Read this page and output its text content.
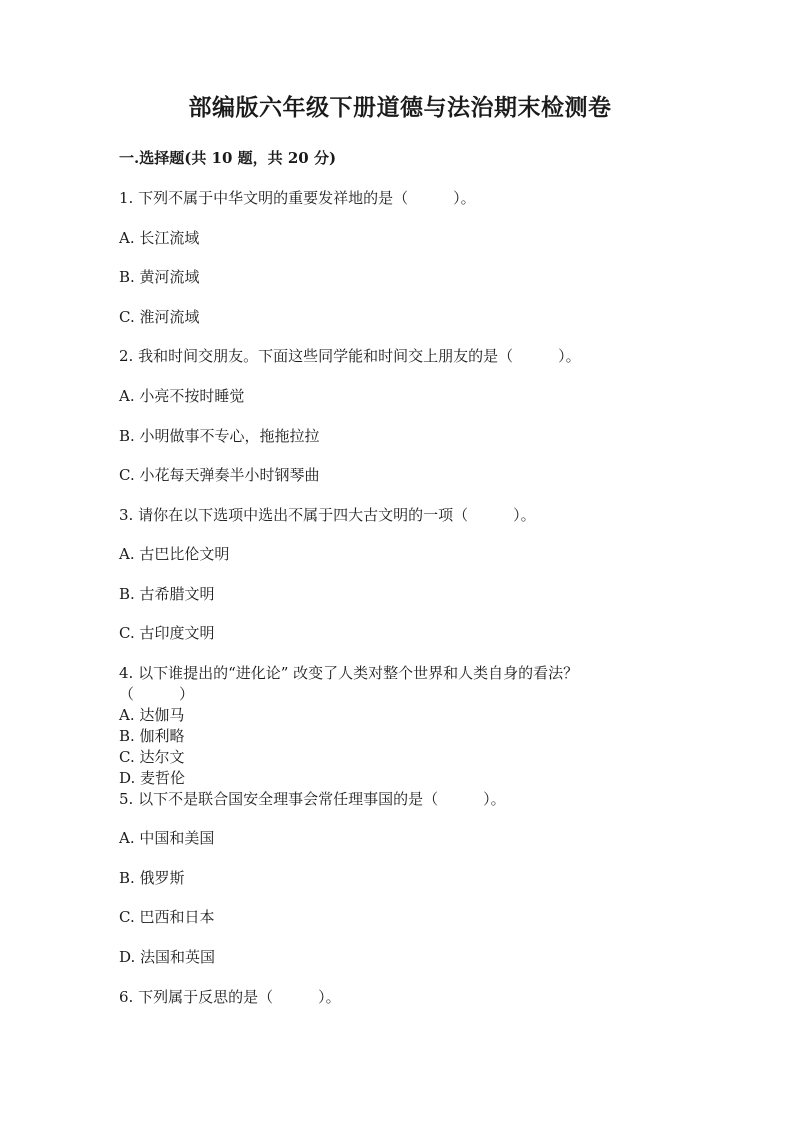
部编版六年级下册道德与法治期末检测卷
一.选择题(共 10 题，共 20 分)
1. 下列不属于中华文明的重要发祥地的是（　　　）。
A. 长江流域
B. 黄河流域
C. 淮河流域
2. 我和时间交朋友。下面这些同学能和时间交上朋友的是（　　　）。
A. 小亮不按时睡觉
B. 小明做事不专心，拖拖拉拉
C. 小花每天弹奏半小时钢琴曲
3. 请你在以下选项中选出不属于四大古文明的一项（　　　）。
A. 古巴比伦文明
B. 古希腊文明
C. 古印度文明
4. 以下谁提出的“进化论” 改变了人类对整个世界和人类自身的看法？
（　　　）
A. 达伽马
B. 伽利略
C. 达尔文
D. 麦哲伦
5. 以下不是联合国安全理事会常任理事国的是（　　　）。
A. 中国和美国
B. 俄罗斯
C. 巴西和日本
D. 法国和英国
6. 下列属于反思的是（　　　）。
